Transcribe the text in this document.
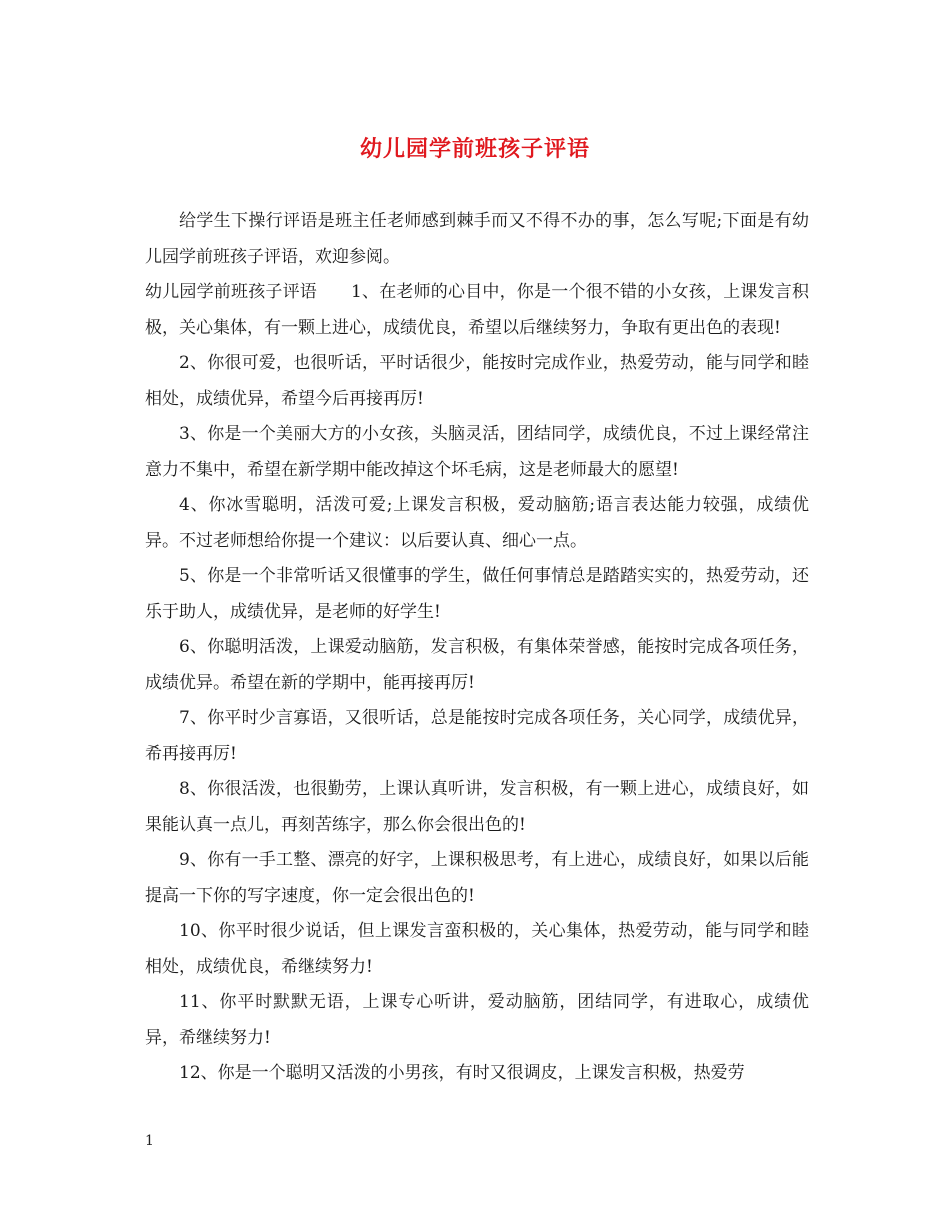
幼儿园学前班孩子评语

给学生下操行评语是班主任老师感到棘手而又不得不办的事，怎么写呢;下面是有幼儿园学前班孩子评语，欢迎参阅。

幼儿园学前班孩子评语 1、在老师的心目中，你是一个很不错的小女孩，上课发言积极，关心集体，有一颗上进心，成绩优良，希望以后继续努力，争取有更出色的表现!

2、你很可爱，也很听话，平时话很少，能按时完成作业，热爱劳动，能与同学和睦相处，成绩优异，希望今后再接再厉!

3、你是一个美丽大方的小女孩，头脑灵活，团结同学，成绩优良，不过上课经常注意力不集中，希望在新学期中能改掉这个坏毛病，这是老师最大的愿望!

4、你冰雪聪明，活泼可爱;上课发言积极，爱动脑筋;语言表达能力较强，成绩优异。不过老师想给你提一个建议：以后要认真、细心一点。

5、你是一个非常听话又很懂事的学生，做任何事情总是踏踏实实的，热爱劳动，还乐于助人，成绩优异，是老师的好学生!

6、你聪明活泼，上课爱动脑筋，发言积极，有集体荣誉感，能按时完成各项任务，成绩优异。希望在新的学期中，能再接再厉!

7、你平时少言寡语，又很听话，总是能按时完成各项任务，关心同学，成绩优异，希再接再厉!

8、你很活泼，也很勤劳，上课认真听讲，发言积极，有一颗上进心，成绩良好，如果能认真一点儿，再刻苦练字，那么你会很出色的!

9、你有一手工整、漂亮的好字，上课积极思考，有上进心，成绩良好，如果以后能提高一下你的写字速度，你一定会很出色的!

10、你平时很少说话，但上课发言蛮积极的，关心集体，热爱劳动，能与同学和睦相处，成绩优良，希继续努力!

11、你平时默默无语，上课专心听讲，爱动脑筋，团结同学，有进取心，成绩优异，希继续努力!

12、你是一个聪明又活泼的小男孩，有时又很调皮，上课发言积极，热爱劳

1
